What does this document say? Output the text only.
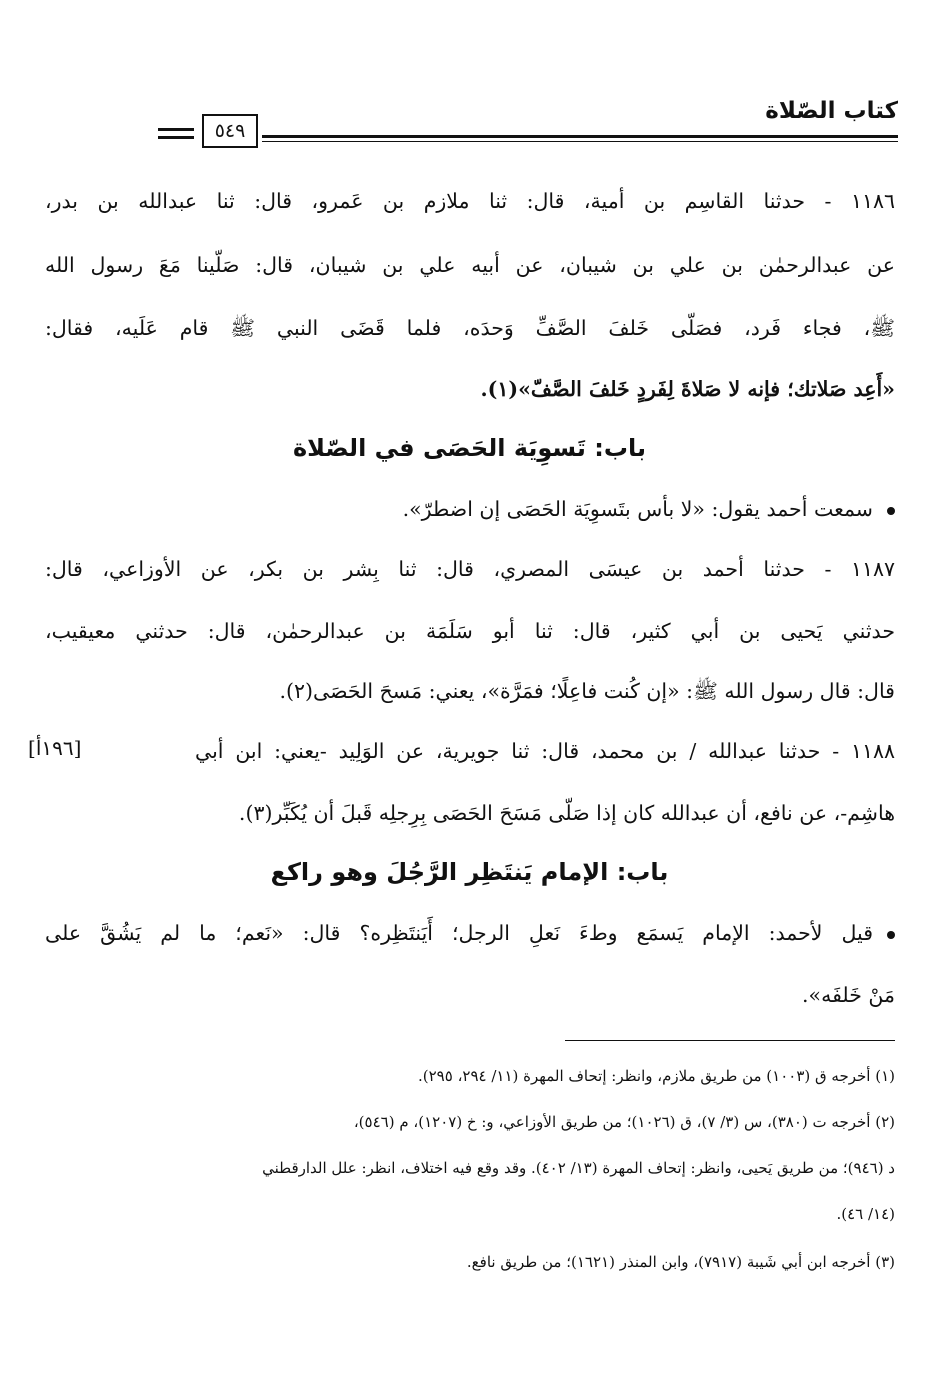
كتاب الصّلاة
٥٤٩
١١٨٦ - حدثنا القاسِم بن أمية، قال: ثنا ملازم بن عَمرو، قال: ثنا عبدالله بن بدر،
عن عبدالرحمٰن بن علي بن شيبان، عن أبيه علي بن شيبان، قال: صَلّينا مَعَ رسول الله
ﷺ، فجاء فَرد، فصَلّى خَلفَ الصَّفِّ وَحدَه، فلما قَضَى النبي ﷺ قام عَلَيه، فقال:
«أَعِد صَلاتك؛ فإنه لا صَلاةَ لِفَردٍ خَلفَ الصَّفّ»(١).
باب: تَسوِيَة الحَصَى في الصّلاة
سمعت أحمد يقول: «لا بأس بتَسوِيَة الحَصَى إن اضطرّ».
١١٨٧ - حدثنا أحمد بن عيسَى المصري، قال: ثنا بِشر بن بكر، عن الأوزاعي، قال:
حدثني يَحيى بن أبي كثير، قال: ثنا أبو سَلَمَة بن عبدالرحمٰن، قال: حدثني معيقيب،
قال: قال رسول الله ﷺ: «إن كُنت فاعِلًا؛ فمَرَّة»، يعني: مَسحَ الحَصَى(٢).
[١٩٦أ]	١١٨٨ - حدثنا عبدالله / بن محمد، قال: ثنا جويرية، عن الوَلِيد -يعني: ابن أبي
هاشِم-، عن نافع، أن عبدالله كان إذا صَلّى مَسَحَ الحَصَى بِرِجلِه قَبلَ أن يُكَبِّر(٣).
باب: الإمام يَنتَظِر الرَّجُلَ وهو راكع
قيل لأحمد: الإمام يَسمَع وطءَ نَعلِ الرجل؛ أَيَنتَظِره؟ قال: «نَعم؛ ما لم يَشُقَّ على
مَنْ خَلفَه».
(١) أخرجه ق (١٠٠٣) من طريق ملازم، وانظر: إتحاف المهرة (١١/ ٢٩٤، ٢٩٥).
(٢) أخرجه ت (٣٨٠)، س (٣/ ٧)، ق (١٠٢٦)؛ من طريق الأوزاعي، و: خ (١٢٠٧)، م (٥٤٦)،
د (٩٤٦)؛ من طريق يَحيى، وانظر: إتحاف المهرة (١٣/ ٤٠٢). وقد وقع فيه اختلاف، انظر: علل الدارقطني
(١٤/ ٤٦).
(٣) أخرجه ابن أبي شَيبة (٧٩١٧)، وابن المنذر (١٦٢١)؛ من طريق نافع.
